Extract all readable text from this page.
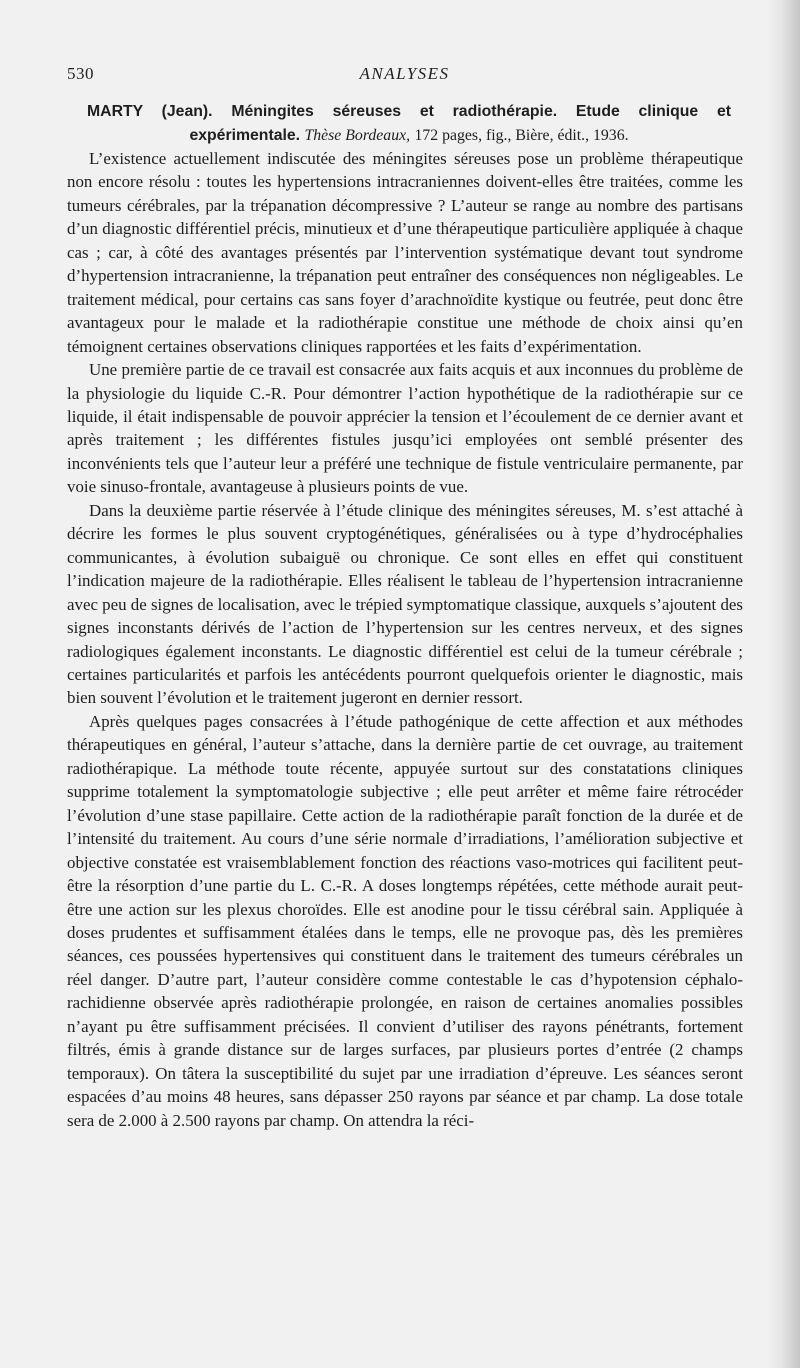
530	ANALYSES

MARTY (Jean). Méningites séreuses et radiothérapie. Etude clinique et expérimentale. Thèse Bordeaux, 172 pages, fig., Bière, édit., 1936.

L’existence actuellement indiscutée des méningites séreuses pose un problème thérapeutique non encore résolu : toutes les hypertensions intracraniennes doivent-elles être traitées, comme les tumeurs cérébrales, par la trépanation décompressive ? L’auteur se range au nombre des partisans d’un diagnostic différentiel précis, minutieux et d’une thérapeutique particulière appliquée à chaque cas ; car, à côté des avantages présentés par l’intervention systématique devant tout syndrome d’hypertension intracranienne, la trépanation peut entraîner des conséquences non négligeables. Le traitement médical, pour certains cas sans foyer d’arachnoïdite kystique ou feutrée, peut donc être avantageux pour le malade et la radiothérapie constitue une méthode de choix ainsi qu’en témoignent certaines observations cliniques rapportées et les faits d’expérimentation.

Une première partie de ce travail est consacrée aux faits acquis et aux inconnues du problème de la physiologie du liquide C.-R. Pour démontrer l’action hypothétique de la radiothérapie sur ce liquide, il était indispensable de pouvoir apprécier la tension et l’écoulement de ce dernier avant et après traitement ; les différentes fistules jusqu’ici employées ont semblé présenter des inconvénients tels que l’auteur leur a préféré une technique de fistule ventriculaire permanente, par voie sinuso-frontale, avantageuse à plusieurs points de vue.

Dans la deuxième partie réservée à l’étude clinique des méningites séreuses, M. s’est attaché à décrire les formes le plus souvent cryptogénétiques, généralisées ou à type d’hydrocéphalies communicantes, à évolution subaiguë ou chronique. Ce sont elles en effet qui constituent l’indication majeure de la radiothérapie. Elles réalisent le tableau de l’hypertension intracranienne avec peu de signes de localisation, avec le trépied symptomatique classique, auxquels s’ajoutent des signes inconstants dérivés de l’action de l’hypertension sur les centres nerveux, et des signes radiologiques également inconstants. Le diagnostic différentiel est celui de la tumeur cérébrale ; certaines particularités et parfois les antécédents pourront quelquefois orienter le diagnostic, mais bien souvent l’évolution et le traitement jugeront en dernier ressort.

Après quelques pages consacrées à l’étude pathogénique de cette affection et aux méthodes thérapeutiques en général, l’auteur s’attache, dans la dernière partie de cet ouvrage, au traitement radiothérapique. La méthode toute récente, appuyée surtout sur des constatations cliniques supprime totalement la symptomatologie subjective ; elle peut arrêter et même faire rétrocéder l’évolution d’une stase papillaire. Cette action de la radiothérapie paraît fonction de la durée et de l’intensité du traitement. Au cours d’une série normale d’irradiations, l’amélioration subjective et objective constatée est vraisemblablement fonction des réactions vaso-motrices qui facilitent peut-être la résorption d’une partie du L. C.-R. A doses longtemps répétées, cette méthode aurait peut-être une action sur les plexus choroïdes. Elle est anodine pour le tissu cérébral sain. Appliquée à doses prudentes et suffisamment étalées dans le temps, elle ne provoque pas, dès les premières séances, ces poussées hypertensives qui constituent dans le traitement des tumeurs cérébrales un réel danger. D’autre part, l’auteur considère comme contestable le cas d’hypotension céphalo-rachidienne observée après radiothérapie prolongée, en raison de certaines anomalies possibles n’ayant pu être suffisamment précisées. Il convient d’utiliser des rayons pénétrants, fortement filtrés, émis à grande distance sur de larges surfaces, par plusieurs portes d’entrée (2 champs temporaux). On tâtera la susceptibilité du sujet par une irradiation d’épreuve. Les séances seront espacées d’au moins 48 heures, sans dépasser 250 rayons par séance et par champ. La dose totale sera de 2.000 à 2.500 rayons par champ. On attendra la réci-
